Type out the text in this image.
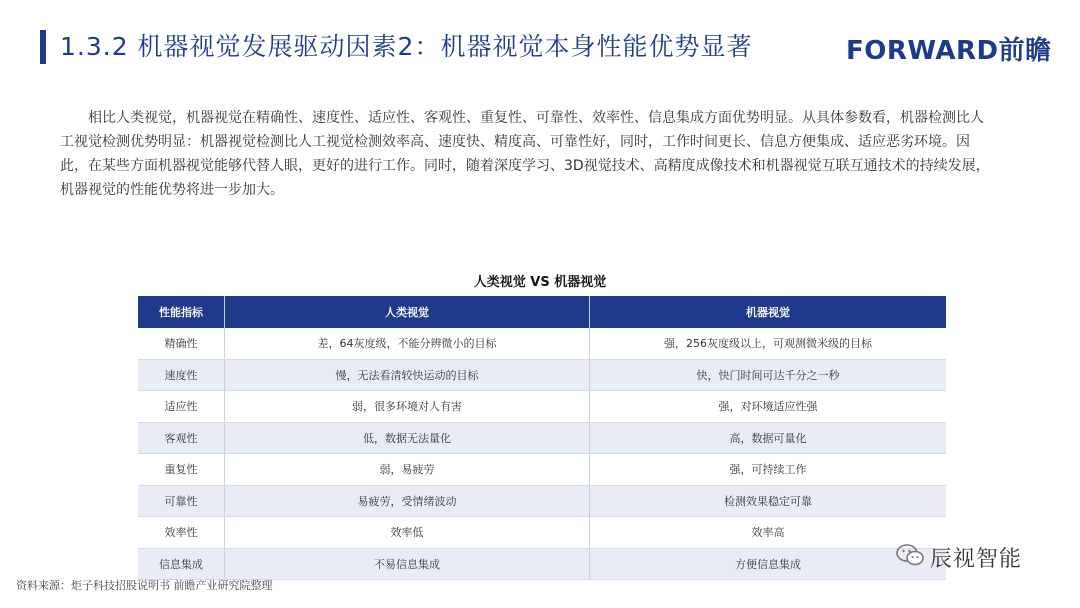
1.3.2 机器视觉发展驱动因素2：机器视觉本身性能优势显著	FORWARD前瞻
相比人类视觉，机器视觉在精确性、速度性、适应性、客观性、重复性、可靠性、效率性、信息集成方面优势明显。从具体参数看，机器检测比人工视觉检测优势明显：机器视觉检测比人工视觉检测效率高、速度快、精度高、可靠性好，同时，工作时间更长、信息方便集成、适应恶劣环境。因此，在某些方面机器视觉能够代替人眼，更好的进行工作。同时，随着深度学习、3D视觉技术、高精度成像技术和机器视觉互联互通技术的持续发展，机器视觉的性能优势将进一步加大。
人类视觉 VS 机器视觉
性能指标	人类视觉	机器视觉
精确性	差，64灰度级，不能分辨微小的目标	强，256灰度级以上，可观测微米级的目标
速度性	慢，无法看清较快运动的目标	快，快门时间可达千分之一秒
适应性	弱，很多环境对人有害	强，对环境适应性强
客观性	低，数据无法量化	高，数据可量化
重复性	弱，易疲劳	强，可持续工作
可靠性	易疲劳，受情绪波动	检测效果稳定可靠
效率性	效率低	效率高
信息集成	不易信息集成	方便信息集成
资料来源：炬子科技招股说明书 前瞻产业研究院整理
辰视智能
